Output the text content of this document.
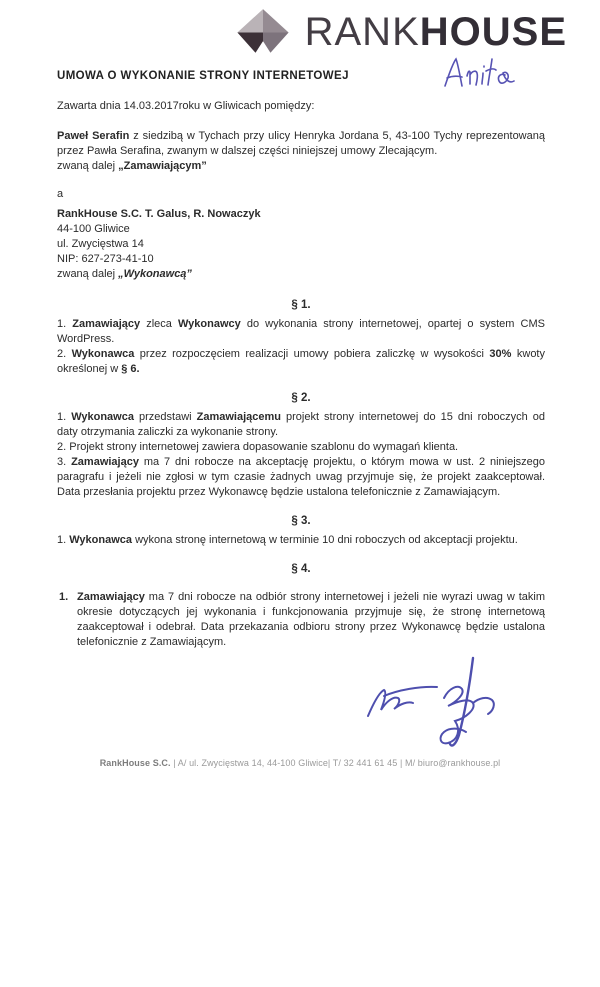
RANKHOUSE
UMOWA O WYKONANIE STRONY INTERNETOWEJ
Zawarta dnia 14.03.2017roku w Gliwicach pomiędzy:

Paweł Serafin z siedzibą w Tychach przy ulicy Henryka Jordana 5, 43-100 Tychy reprezentowaną przez Pawła Serafina, zwanym w dalszej części niniejszej umowy Zlecającym.

zwaną dalej „Zamawiającym”

a
RankHouse S.C. T. Galus, R. Nowaczyk
44-100 Gliwice
ul. Zwycięstwa 14
NIP: 627-273-41-10
zwaną dalej „Wykonawcą”
§ 1.

1. Zamawiający zleca Wykonawcy do wykonania strony internetowej, opartej o system CMS WordPress.

2. Wykonawca przez rozpoczęciem realizacji umowy pobiera zaliczkę w wysokości 30% kwoty określonej w § 6.

§ 2.

1. Wykonawca przedstawi Zamawiającemu projekt strony internetowej do 15 dni roboczych od daty otrzymania zaliczki za wykonanie strony.

2. Projekt strony internetowej zawiera dopasowanie szablonu do wymagań klienta.

3. Zamawiający ma 7 dni robocze na akceptację projektu, o którym mowa w ust. 2 niniejszego paragrafu i jeżeli nie zgłosi w tym czasie żadnych uwag przyjmuje się, że projekt zaakceptował. Data przesłania projektu przez Wykonawcę będzie ustalona telefonicznie z Zamawiającym.

§ 3.

1. Wykonawca wykona stronę internetową w terminie 10 dni roboczych od akceptacji projektu.

§ 4.
1. Zamawiający ma 7 dni robocze na odbiór strony internetowej i jeżeli nie wyrazi uwag w takim okresie dotyczących jej wykonania i funkcjonowania przyjmuje się, że stronę internetową zaakceptował i odebrał. Data przekazania odbioru strony przez Wykonawcę będzie ustalona telefonicznie z Zamawiającym.
RankHouse S.C. | A/ ul. Zwycięstwa 14, 44-100 Gliwice| T/ 32 441 61 45 | M/ biuro@rankhouse.pl
